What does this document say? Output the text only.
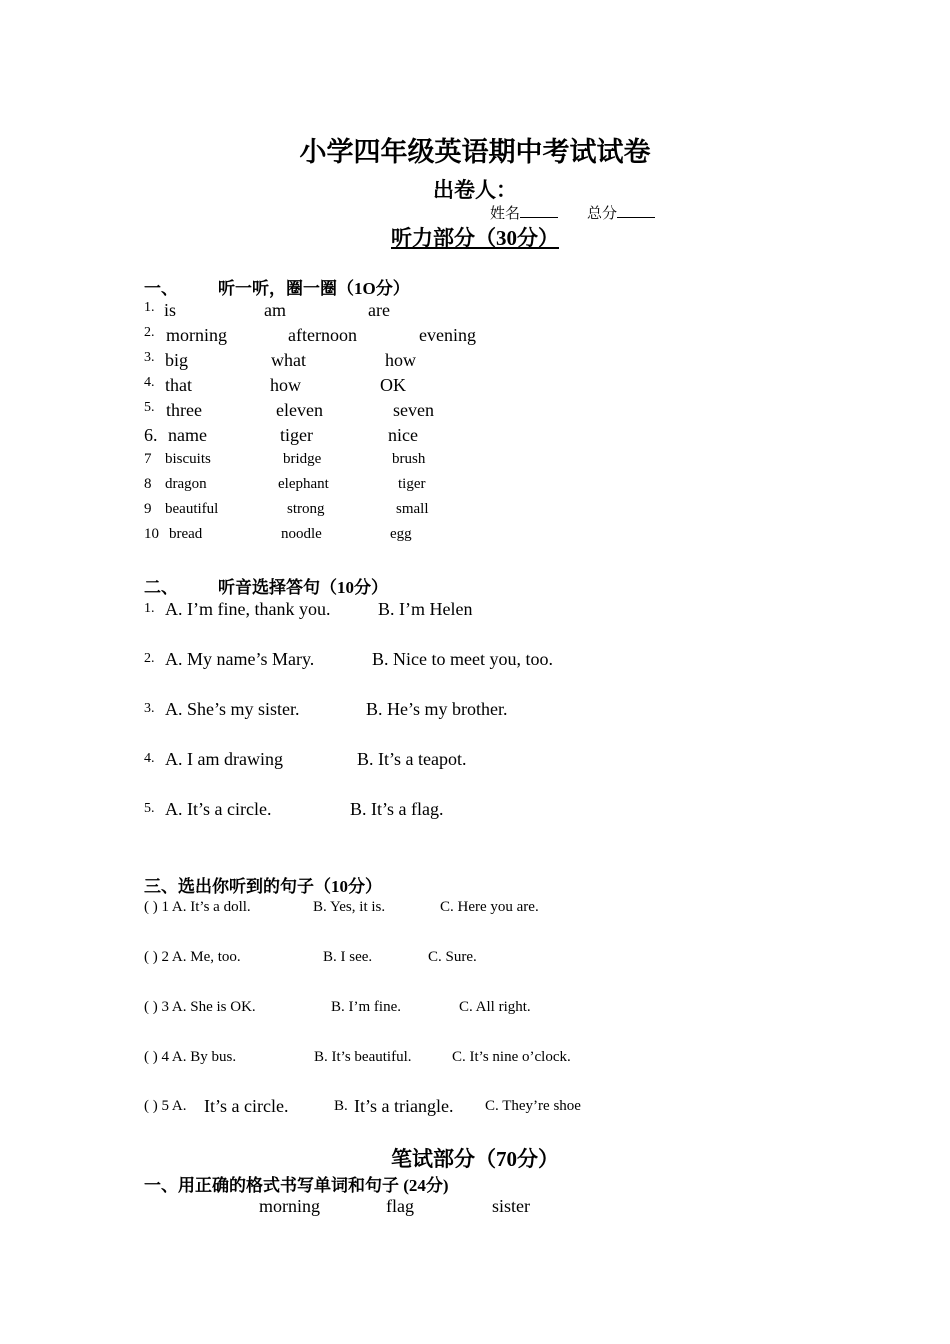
小学四年级英语期中考试试卷
出卷人：
姓名	总分
听力部分（30分）
一、 听一听，圈一圈（1O分）
1. is	am	are
2. morning	afternoon	evening
3. big	what	how
4. that	how	OK
5. three	eleven	seven
6. name	tiger	nice
7 biscuits	bridge	brush
8 dragon	elephant	tiger
9 beautiful	strong	small
10 bread	noodle	egg
二、 听音选择答句（10分）
1. A. I’m fine, thank you.	B. I’m Helen
2. A. My name’s Mary.	B. Nice to meet you, too.
3. A. She’s my sister.	B. He’s my brother.
4. A. I am drawing	B. It’s a teapot.
5. A. It’s a circle.	B. It’s a flag.
三、选出你听到的句子（10分）
( ) 1 A. It’s a doll.	B. Yes, it is.	C. Here you are.
( ) 2 A. Me, too.	B. I see.	C. Sure.
( ) 3 A. She is OK.	B. I’m fine.	C. All right.
( ) 4 A. By bus.	B. It’s beautiful.	C. It’s nine o’clock.
( ) 5 A. It’s a circle.	B. It’s a triangle. C. They’re shoe
笔试部分（70分）
一、用正确的格式书写单词和句子 (24分)
morning	flag	sister
